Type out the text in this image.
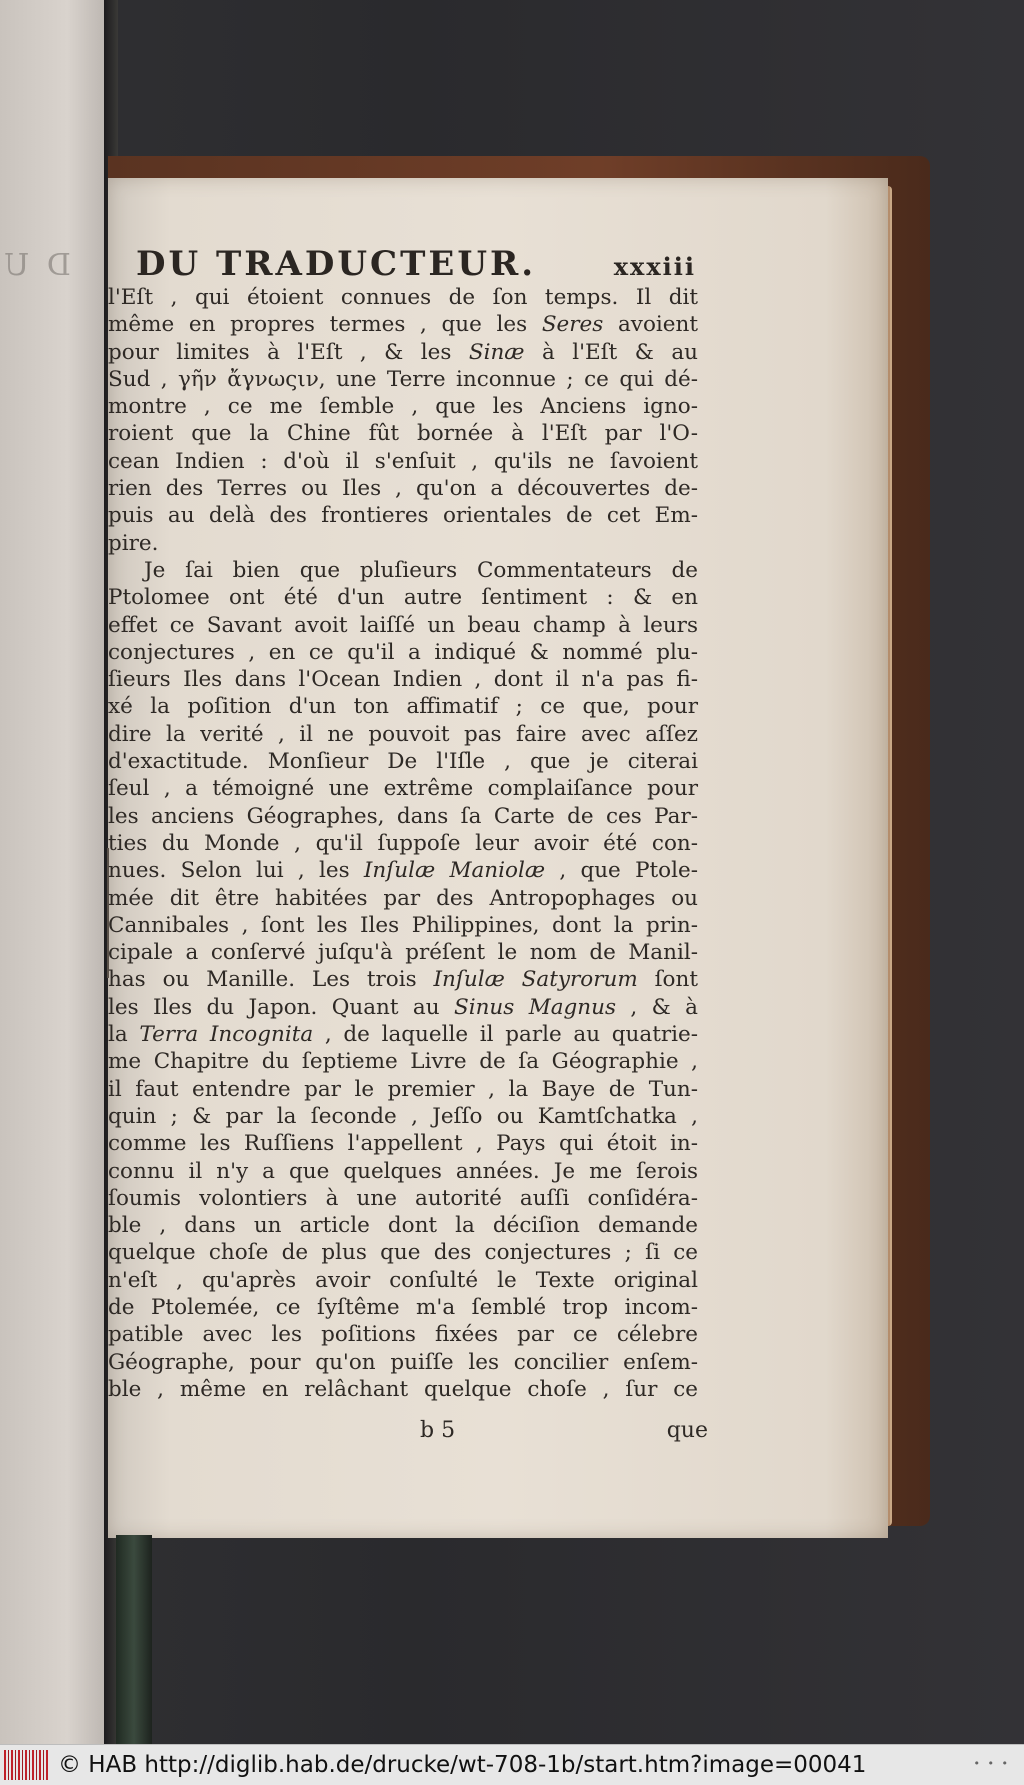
D U DU TRADUCTEUR.	xxxiii
l'Eſt , qui étoient connues de ſon temps. Il dit
même en propres termes , que les Seres avoient
pour limites à l'Eſt , & les Sinæ à l'Eſt & au
Sud , γῆν ἄγνωςιν, une Terre inconnue ; ce qui dé-
montre , ce me ſemble , que les Anciens igno-
roient que la Chine fût bornée à l'Eſt par l'O-
cean Indien : d'où il s'enſuit , qu'ils ne ſavoient
rien des Terres ou Iles , qu'on a découvertes de-
puis au delà des frontieres orientales de cet Em-
pire.
Je ſai bien que pluſieurs Commentateurs de
Ptolomee ont été d'un autre ſentiment : & en
effet ce Savant avoit laiſſé un beau champ à leurs
conjectures , en ce qu'il a indiqué & nommé plu-
ſieurs Iles dans l'Ocean Indien , dont il n'a pas fi-
xé la poſition d'un ton affimatif ; ce que, pour
dire la verité , il ne pouvoit pas faire avec aſſez
d'exactitude. Monſieur De l'Iſle , que je citerai
ſeul , a témoigné une extrême complaiſance pour
les anciens Géographes, dans ſa Carte de ces Par-
ties du Monde , qu'il ſuppoſe leur avoir été con-
nues. Selon lui , les Inſulæ Maniolæ , que Ptole-
mée dit être habitées par des Antropophages ou
Cannibales , ſont les Iles Philippines, dont la prin-
cipale a conſervé juſqu'à préſent le nom de Manil-
has ou Manille. Les trois Inſulæ Satyrorum ſont
les Iles du Japon. Quant au Sinus Magnus , & à
la Terra Incognita , de laquelle il parle au quatrie-
me Chapitre du ſeptieme Livre de ſa Géographie ,
il faut entendre par le premier , la Baye de Tun-
quin ; & par la ſeconde , Jeſſo ou Kamtſchatka ,
comme les Ruſſiens l'appellent , Pays qui étoit in-
connu il n'y a que quelques années. Je me ſerois
ſoumis volontiers à une autorité auſſi conſidéra-
ble , dans un article dont la déciſion demande
quelque choſe de plus que des conjectures ; ſi ce
n'eſt , qu'après avoir conſulté le Texte original
de Ptolemée, ce ſyſtême m'a ſemblé trop incom-
patible avec les poſitions fixées par ce célebre
Géographe, pour qu'on puiſſe les concilier enſem-
ble , même en relâchant quelque choſe , ſur ce
b 5	que
© HAB http://diglib.hab.de/drucke/wt-708-1b/start.htm?image=00041	• • •
